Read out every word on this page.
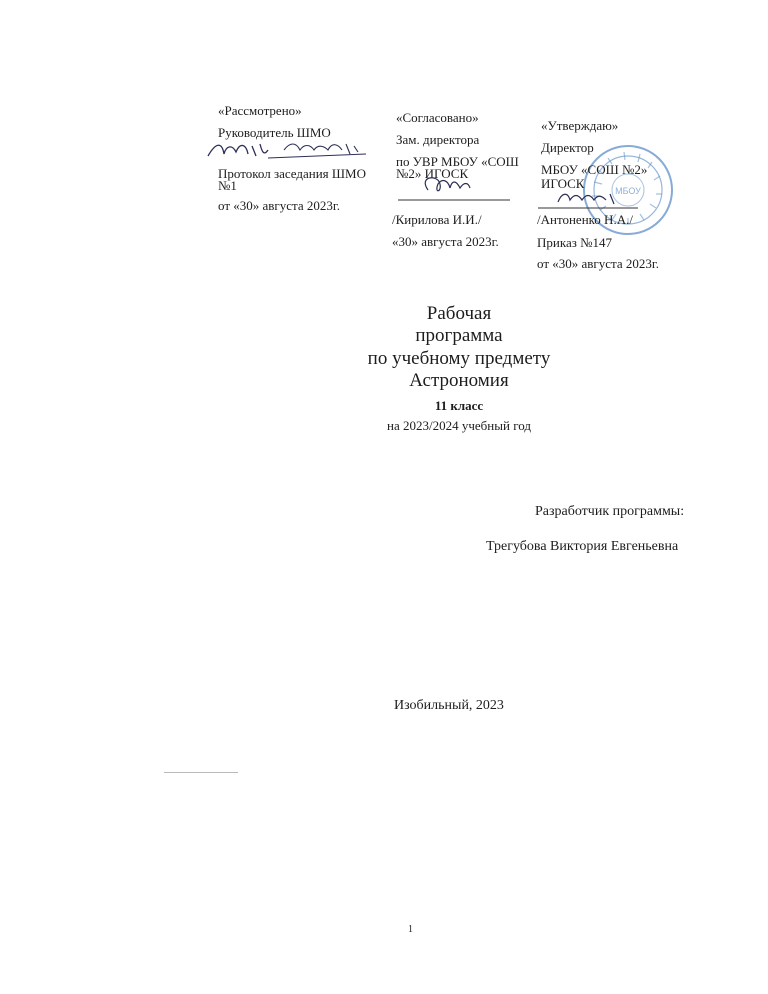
«Рассмотрено»
Руководитель ШМО
Протокол заседания ШМО
№1
от «30» августа 2023г.
«Согласовано»
Зам. директора
по УВР МБОУ «СОШ
№2» ИГОСК
/Кирилова И.И./
«30» августа 2023г.
МБОУ
«Утверждаю»
Директор
МБОУ «СОШ №2»
ИГОСК
/Антоненко Н.А./
Приказ №147
от «30» августа 2023г.
Рабочая
программа
по учебному предмету
Астрономия
11 класс
на 2023/2024 учебный год
Разработчик программы:
Трегубова Виктория Евгеньевна
Изобильный, 2023
1
